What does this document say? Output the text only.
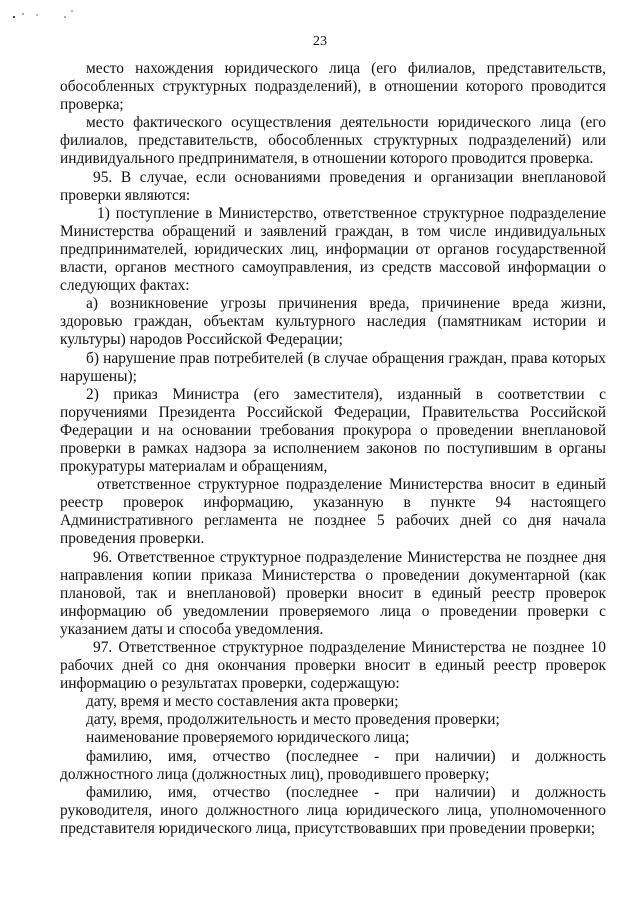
23

место нахождения юридического лица (его филиалов, представительств, обособленных структурных подразделений), в отношении которого проводится проверка;

место фактического осуществления деятельности юридического лица (его филиалов, представительств, обособленных структурных подразделений) или индивидуального предпринимателя, в отношении которого проводится проверка.

95. В случае, если основаниями проведения и организации внеплановой проверки являются:

1) поступление в Министерство, ответственное структурное подразделение Министерства обращений и заявлений граждан, в том числе индивидуальных предпринимателей, юридических лиц, информации от органов государственной власти, органов местного самоуправления, из средств массовой информации о следующих фактах:

а) возникновение угрозы причинения вреда, причинение вреда жизни, здоровью граждан, объектам культурного наследия (памятникам истории и культуры) народов Российской Федерации;

б) нарушение прав потребителей (в случае обращения граждан, права которых нарушены);

2) приказ Министра (его заместителя), изданный в соответствии с поручениями Президента Российской Федерации, Правительства Российской Федерации и на основании требования прокурора о проведении внеплановой проверки в рамках надзора за исполнением законов по поступившим в органы прокуратуры материалам и обращениям,

ответственное структурное подразделение Министерства вносит в единый реестр проверок информацию, указанную в пункте 94 настоящего Административного регламента не позднее 5 рабочих дней со дня начала проведения проверки.

96. Ответственное структурное подразделение Министерства не позднее дня направления копии приказа Министерства о проведении документарной (как плановой, так и внеплановой) проверки вносит в единый реестр проверок информацию об уведомлении проверяемого лица о проведении проверки с указанием даты и способа уведомления.

97. Ответственное структурное подразделение Министерства не позднее 10 рабочих дней со дня окончания проверки вносит в единый реестр проверок информацию о результатах проверки, содержащую:

дату, время и место составления акта проверки;

дату, время, продолжительность и место проведения проверки;

наименование проверяемого юридического лица;

фамилию, имя, отчество (последнее - при наличии) и должность должностного лица (должностных лиц), проводившего проверку;

фамилию, имя, отчество (последнее - при наличии) и должность руководителя, иного должностного лица юридического лица, уполномоченного представителя юридического лица, присутствовавших при проведении проверки;
